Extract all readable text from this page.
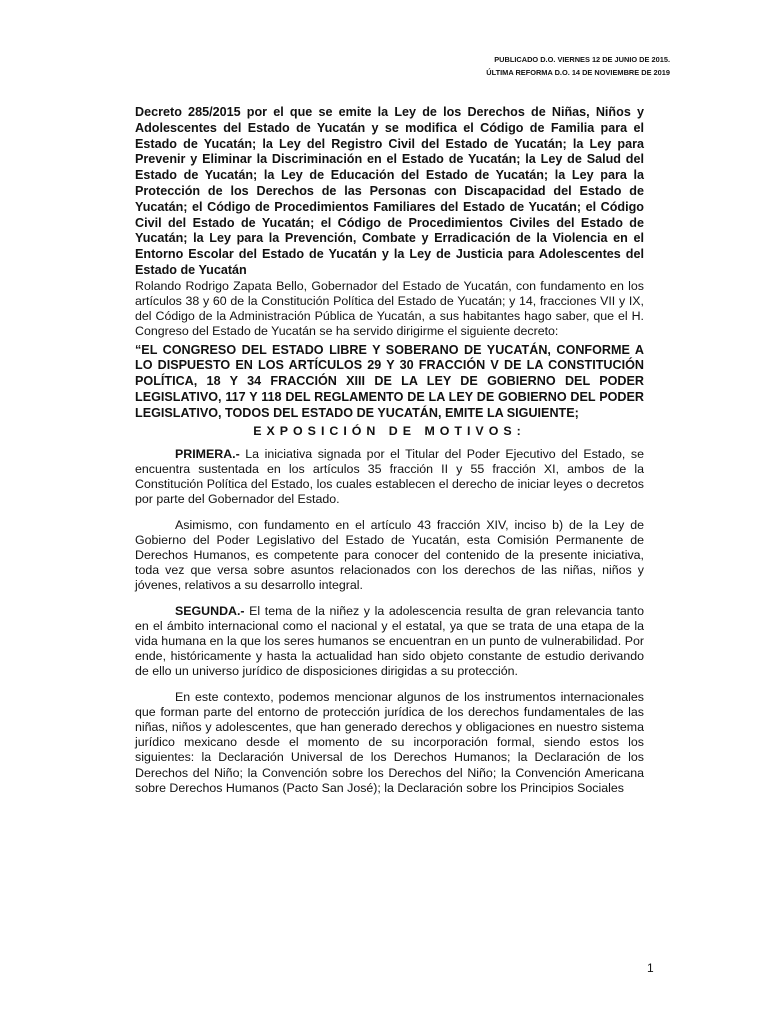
PUBLICADO D.O. VIERNES 12 DE JUNIO DE 2015.
ÚLTIMA REFORMA D.O. 14 DE NOVIEMBRE DE 2019

Decreto 285/2015 por el que se emite la Ley de los Derechos de Niñas, Niños y Adolescentes del Estado de Yucatán y se modifica el Código de Familia para el Estado de Yucatán; la Ley del Registro Civil del Estado de Yucatán; la Ley para Prevenir y Eliminar la Discriminación en el Estado de Yucatán; la Ley de Salud del Estado de Yucatán; la Ley de Educación del Estado de Yucatán; la Ley para la Protección de los Derechos de las Personas con Discapacidad del Estado de Yucatán; el Código de Procedimientos Familiares del Estado de Yucatán; el Código Civil del Estado de Yucatán; el Código de Procedimientos Civiles del Estado de Yucatán; la Ley para la Prevención, Combate y Erradicación de la Violencia en el Entorno Escolar del Estado de Yucatán y la Ley de Justicia para Adolescentes del Estado de Yucatán

Rolando Rodrigo Zapata Bello, Gobernador del Estado de Yucatán, con fundamento en los artículos 38 y 60 de la Constitución Política del Estado de Yucatán; y 14, fracciones VII y IX, del Código de la Administración Pública de Yucatán, a sus habitantes hago saber, que el H. Congreso del Estado de Yucatán se ha servido dirigirme el siguiente decreto:

“EL CONGRESO DEL ESTADO LIBRE Y SOBERANO DE YUCATÁN, CONFORME A LO DISPUESTO EN LOS ARTÍCULOS 29 Y 30 FRACCIÓN V DE LA CONSTITUCIÓN POLÍTICA, 18 Y 34 FRACCIÓN XIII DE LA LEY DE GOBIERNO DEL PODER LEGISLATIVO, 117 Y 118 DEL REGLAMENTO DE LA LEY DE GOBIERNO DEL PODER LEGISLATIVO, TODOS DEL ESTADO DE YUCATÁN, EMITE LA SIGUIENTE;

EXPOSICIÓN DE MOTIVOS:

PRIMERA.- La iniciativa signada por el Titular del Poder Ejecutivo del Estado, se encuentra sustentada en los artículos 35 fracción II y 55 fracción XI, ambos de la Constitución Política del Estado, los cuales establecen el derecho de iniciar leyes o decretos por parte del Gobernador del Estado.

Asimismo, con fundamento en el artículo 43 fracción XIV, inciso b) de la Ley de Gobierno del Poder Legislativo del Estado de Yucatán, esta Comisión Permanente de Derechos Humanos, es competente para conocer del contenido de la presente iniciativa, toda vez que versa sobre asuntos relacionados con los derechos de las niñas, niños y jóvenes, relativos a su desarrollo integral.

SEGUNDA.- El tema de la niñez y la adolescencia resulta de gran relevancia tanto en el ámbito internacional como el nacional y el estatal, ya que se trata de una etapa de la vida humana en la que los seres humanos se encuentran en un punto de vulnerabilidad. Por ende, históricamente y hasta la actualidad han sido objeto constante de estudio derivando de ello un universo jurídico de disposiciones dirigidas a su protección.

En este contexto, podemos mencionar algunos de los instrumentos internacionales que forman parte del entorno de protección jurídica de los derechos fundamentales de las niñas, niños y adolescentes, que han generado derechos y obligaciones en nuestro sistema jurídico mexicano desde el momento de su incorporación formal, siendo estos los siguientes: la Declaración Universal de los Derechos Humanos; la Declaración de los Derechos del Niño; la Convención sobre los Derechos del Niño; la Convención Americana sobre Derechos Humanos (Pacto San José); la Declaración sobre los Principios Sociales

1
